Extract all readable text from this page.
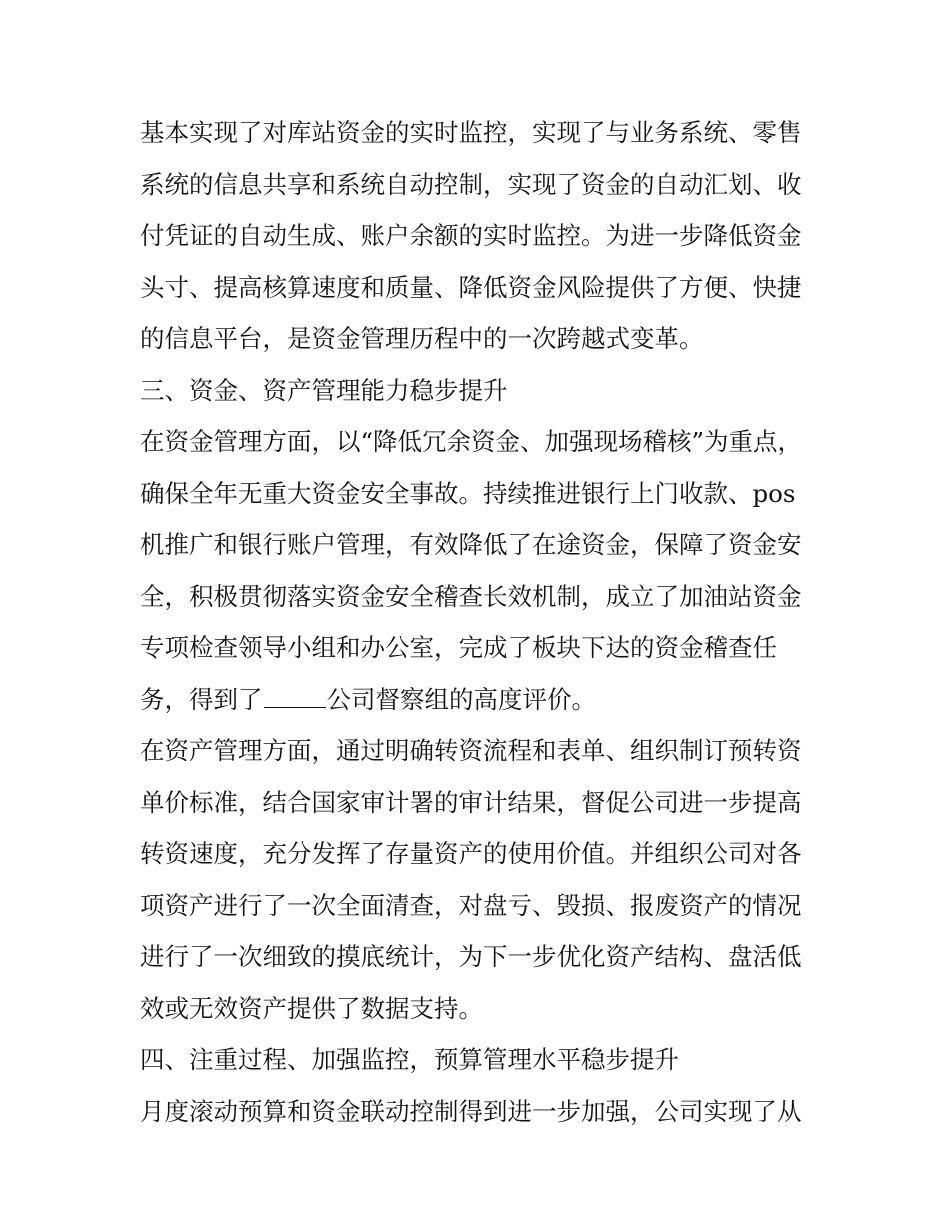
基本实现了对库站资金的实时监控，实现了与业务系统、零售
系统的信息共享和系统自动控制，实现了资金的自动汇划、收
付凭证的自动生成、账户余额的实时监控。为进一步降低资金
头寸、提高核算速度和质量、降低资金风险提供了方便、快捷
的信息平台，是资金管理历程中的一次跨越式变革。
三、资金、资产管理能力稳步提升
在资金管理方面，以“降低冗余资金、加强现场稽核”为重点，
确保全年无重大资金安全事故。持续推进银行上门收款、pos
机推广和银行账户管理，有效降低了在途资金，保障了资金安
全，积极贯彻落实资金安全稽查长效机制，成立了加油站资金
专项检查领导小组和办公室，完成了板块下达的资金稽查任
务，得到了	公司督察组的高度评价。
在资产管理方面，通过明确转资流程和表单、组织制订预转资
单价标准，结合国家审计署的审计结果，督促公司进一步提高
转资速度，充分发挥了存量资产的使用价值。并组织公司对各
项资产进行了一次全面清查，对盘亏、毁损、报废资产的情况
进行了一次细致的摸底统计，为下一步优化资产结构、盘活低
效或无效资产提供了数据支持。
四、注重过程、加强监控，预算管理水平稳步提升
月度滚动预算和资金联动控制得到进一步加强，公司实现了从
